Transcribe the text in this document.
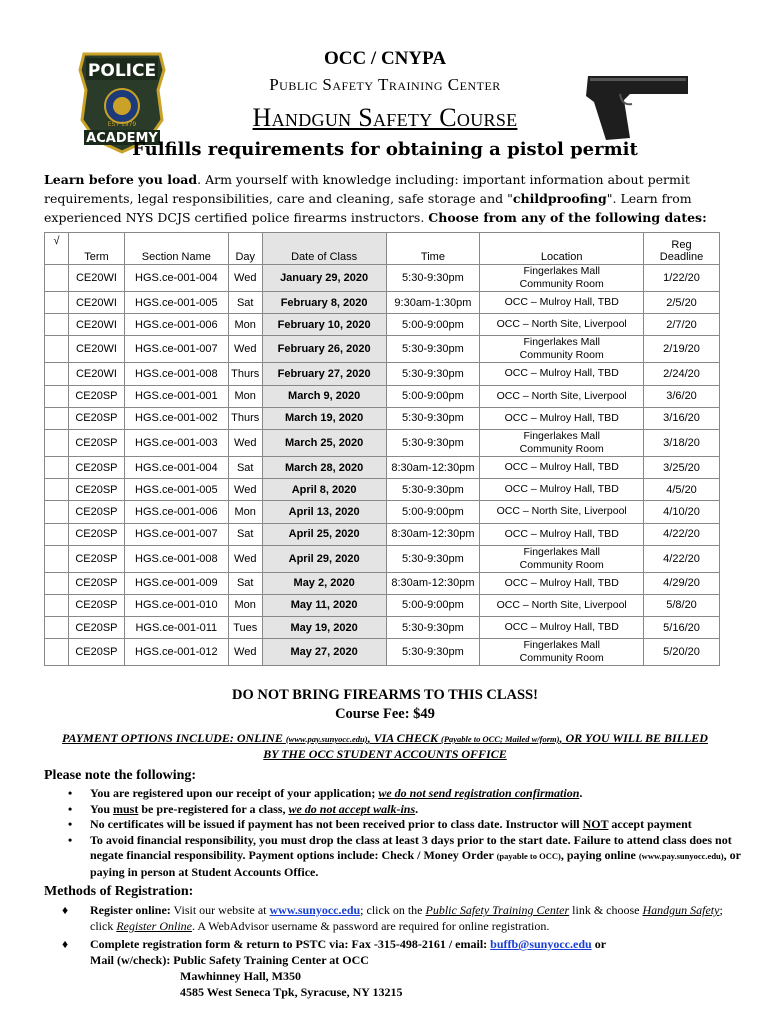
POLICE
EST 1979
ACADEMY
OCC / CNYPA
Public Safety Training Center
Handgun Safety Course
Fulfills requirements for obtaining a pistol permit
Learn before you load. Arm yourself with knowledge including: important information about permit requirements, legal responsibilities, care and cleaning, safe storage and "childproofing". Learn from experienced NYS DCJS certified police firearms instructors. Choose from any of the following dates:
√	Term	Section Name	Day	Date of Class	Time	Location	Reg
Deadline
	CE20WI	HGS.ce-001-004	Wed	January 29, 2020	5:30-9:30pm	Fingerlakes Mall
Community Room	1/22/20
	CE20WI	HGS.ce-001-005	Sat	February 8, 2020	9:30am-1:30pm	OCC – Mulroy Hall, TBD	2/5/20
	CE20WI	HGS.ce-001-006	Mon	February 10, 2020	5:00-9:00pm	OCC – North Site, Liverpool	2/7/20
	CE20WI	HGS.ce-001-007	Wed	February 26, 2020	5:30-9:30pm	Fingerlakes Mall
Community Room	2/19/20
	CE20WI	HGS.ce-001-008	Thurs	February 27, 2020	5:30-9:30pm	OCC – Mulroy Hall, TBD	2/24/20
	CE20SP	HGS.ce-001-001	Mon	March 9, 2020	5:00-9:00pm	OCC – North Site, Liverpool	3/6/20
	CE20SP	HGS.ce-001-002	Thurs	March 19, 2020	5:30-9:30pm	OCC – Mulroy Hall, TBD	3/16/20
	CE20SP	HGS.ce-001-003	Wed	March 25, 2020	5:30-9:30pm	Fingerlakes Mall
Community Room	3/18/20
	CE20SP	HGS.ce-001-004	Sat	March 28, 2020	8:30am-12:30pm	OCC – Mulroy Hall, TBD	3/25/20
	CE20SP	HGS.ce-001-005	Wed	April 8, 2020	5:30-9:30pm	OCC – Mulroy Hall, TBD	4/5/20
	CE20SP	HGS.ce-001-006	Mon	April 13, 2020	5:00-9:00pm	OCC – North Site, Liverpool	4/10/20
	CE20SP	HGS.ce-001-007	Sat	April 25, 2020	8:30am-12:30pm	OCC – Mulroy Hall, TBD	4/22/20
	CE20SP	HGS.ce-001-008	Wed	April 29, 2020	5:30-9:30pm	Fingerlakes Mall
Community Room	4/22/20
	CE20SP	HGS.ce-001-009	Sat	May 2, 2020	8:30am-12:30pm	OCC – Mulroy Hall, TBD	4/29/20
	CE20SP	HGS.ce-001-010	Mon	May 11, 2020	5:00-9:00pm	OCC – North Site, Liverpool	5/8/20
	CE20SP	HGS.ce-001-011	Tues	May 19, 2020	5:30-9:30pm	OCC – Mulroy Hall, TBD	5/16/20
	CE20SP	HGS.ce-001-012	Wed	May 27, 2020	5:30-9:30pm	Fingerlakes Mall
Community Room	5/20/20
DO NOT BRING FIREARMS TO THIS CLASS!
Course Fee: $49
PAYMENT OPTIONS INCLUDE: ONLINE (www.pay.sunyocc.edu), VIA CHECK (Payable to OCC; Mailed w/form), OR YOU WILL BE BILLED BY THE OCC STUDENT ACCOUNTS OFFICE
Please note the following:
• You are registered upon our receipt of your application; we do not send registration confirmation.
• You must be pre-registered for a class, we do not accept walk-ins.
• No certificates will be issued if payment has not been received prior to class date. Instructor will NOT accept payment
• To avoid financial responsibility, you must drop the class at least 3 days prior to the start date. Failure to attend class does not negate financial responsibility. Payment options include: Check / Money Order (payable to OCC), paying online (www.pay.sunyocc.edu), or paying in person at Student Accounts Office.
Methods of Registration:
♦ Register online: Visit our website at www.sunyocc.edu; click on the Public Safety Training Center link & choose Handgun Safety; click Register Online. A WebAdvisor username & password are required for online registration.
♦ Complete registration form & return to PSTC via: Fax -315-498-2161 / email: buffb@sunyocc.edu or
Mail (w/check): Public Safety Training Center at OCC
Mawhinney Hall, M350
4585 West Seneca Tpk, Syracuse, NY 13215
